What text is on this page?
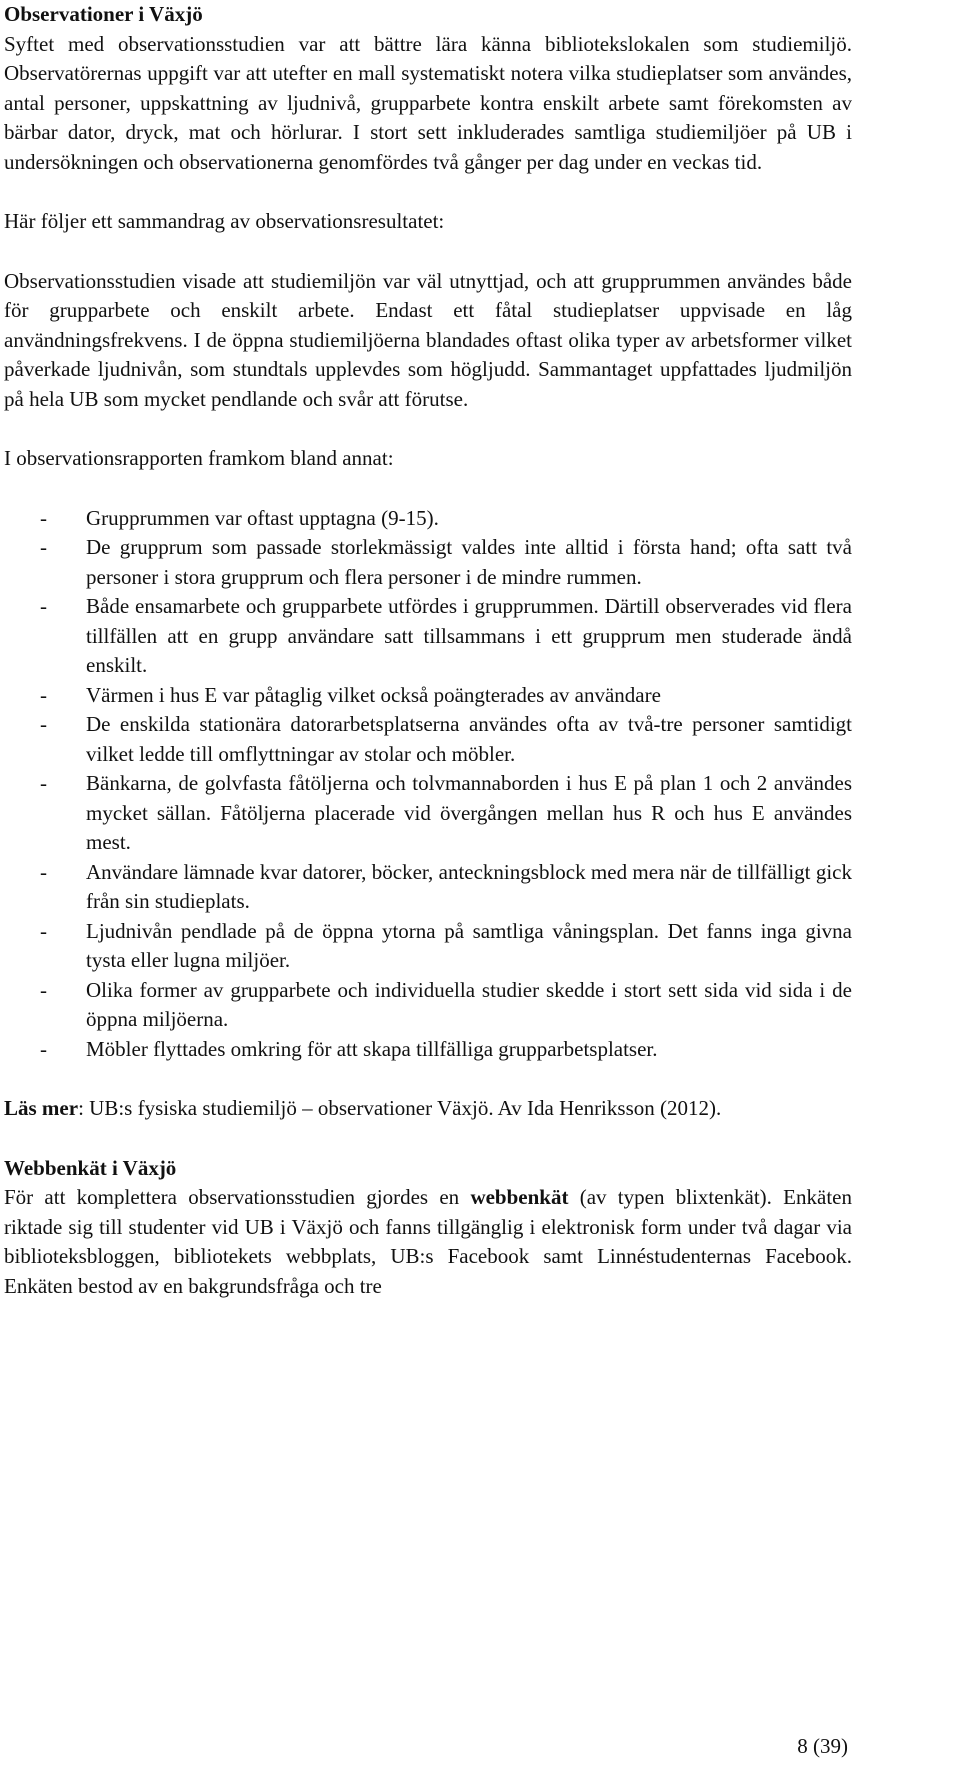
Observationer i Växjö

Syftet med observationsstudien var att bättre lära känna bibliotekslokalen som studiemiljö. Observatörernas uppgift var att utefter en mall systematiskt notera vilka studieplatser som användes, antal personer, uppskattning av ljudnivå, grupparbete kontra enskilt arbete samt förekomsten av bärbar dator, dryck, mat och hörlurar. I stort sett inkluderades samtliga studiemiljöer på UB i undersökningen och observationerna genomfördes två gånger per dag under en veckas tid.

Här följer ett sammandrag av observationsresultatet:

Observationsstudien visade att studiemiljön var väl utnyttjad, och att grupprummen användes både för grupparbete och enskilt arbete. Endast ett fåtal studieplatser uppvisade en låg användningsfrekvens. I de öppna studiemiljöerna blandades oftast olika typer av arbetsformer vilket påverkade ljudnivån, som stundtals upplevdes som högljudd. Sammantaget uppfattades ljudmiljön på hela UB som mycket pendlande och svår att förutse.

I observationsrapporten framkom bland annat:

- Grupprummen var oftast upptagna (9-15).
- De grupprum som passade storlekmässigt valdes inte alltid i första hand; ofta satt två personer i stora grupprum och flera personer i de mindre rummen.
- Både ensamarbete och grupparbete utfördes i grupprummen. Därtill observerades vid flera tillfällen att en grupp användare satt tillsammans i ett grupprum men studerade ändå enskilt.
- Värmen i hus E var påtaglig vilket också poängterades av användare
- De enskilda stationära datorarbetsplatserna användes ofta av två-tre personer samtidigt vilket ledde till omflyttningar av stolar och möbler.
- Bänkarna, de golvfasta fåtöljerna och tolvmannaborden i hus E på plan 1 och 2 användes mycket sällan. Fåtöljerna placerade vid övergången mellan hus R och hus E användes mest.
- Användare lämnade kvar datorer, böcker, anteckningsblock med mera när de tillfälligt gick från sin studieplats.
- Ljudnivån pendlade på de öppna ytorna på samtliga våningsplan. Det fanns inga givna tysta eller lugna miljöer.
- Olika former av grupparbete och individuella studier skedde i stort sett sida vid sida i de öppna miljöerna.
- Möbler flyttades omkring för att skapa tillfälliga grupparbetsplatser.

Läs mer: UB:s fysiska studiemiljö – observationer Växjö. Av Ida Henriksson (2012).

Webbenkät i Växjö

För att komplettera observationsstudien gjordes en webbenkät (av typen blixtenkät). Enkäten riktade sig till studenter vid UB i Växjö och fanns tillgänglig i elektronisk form under två dagar via biblioteksbloggen, bibliotekets webbplats, UB:s Facebook samt Linnéstudenternas Facebook. Enkäten bestod av en bakgrundsfråga och tre

8 (39)
